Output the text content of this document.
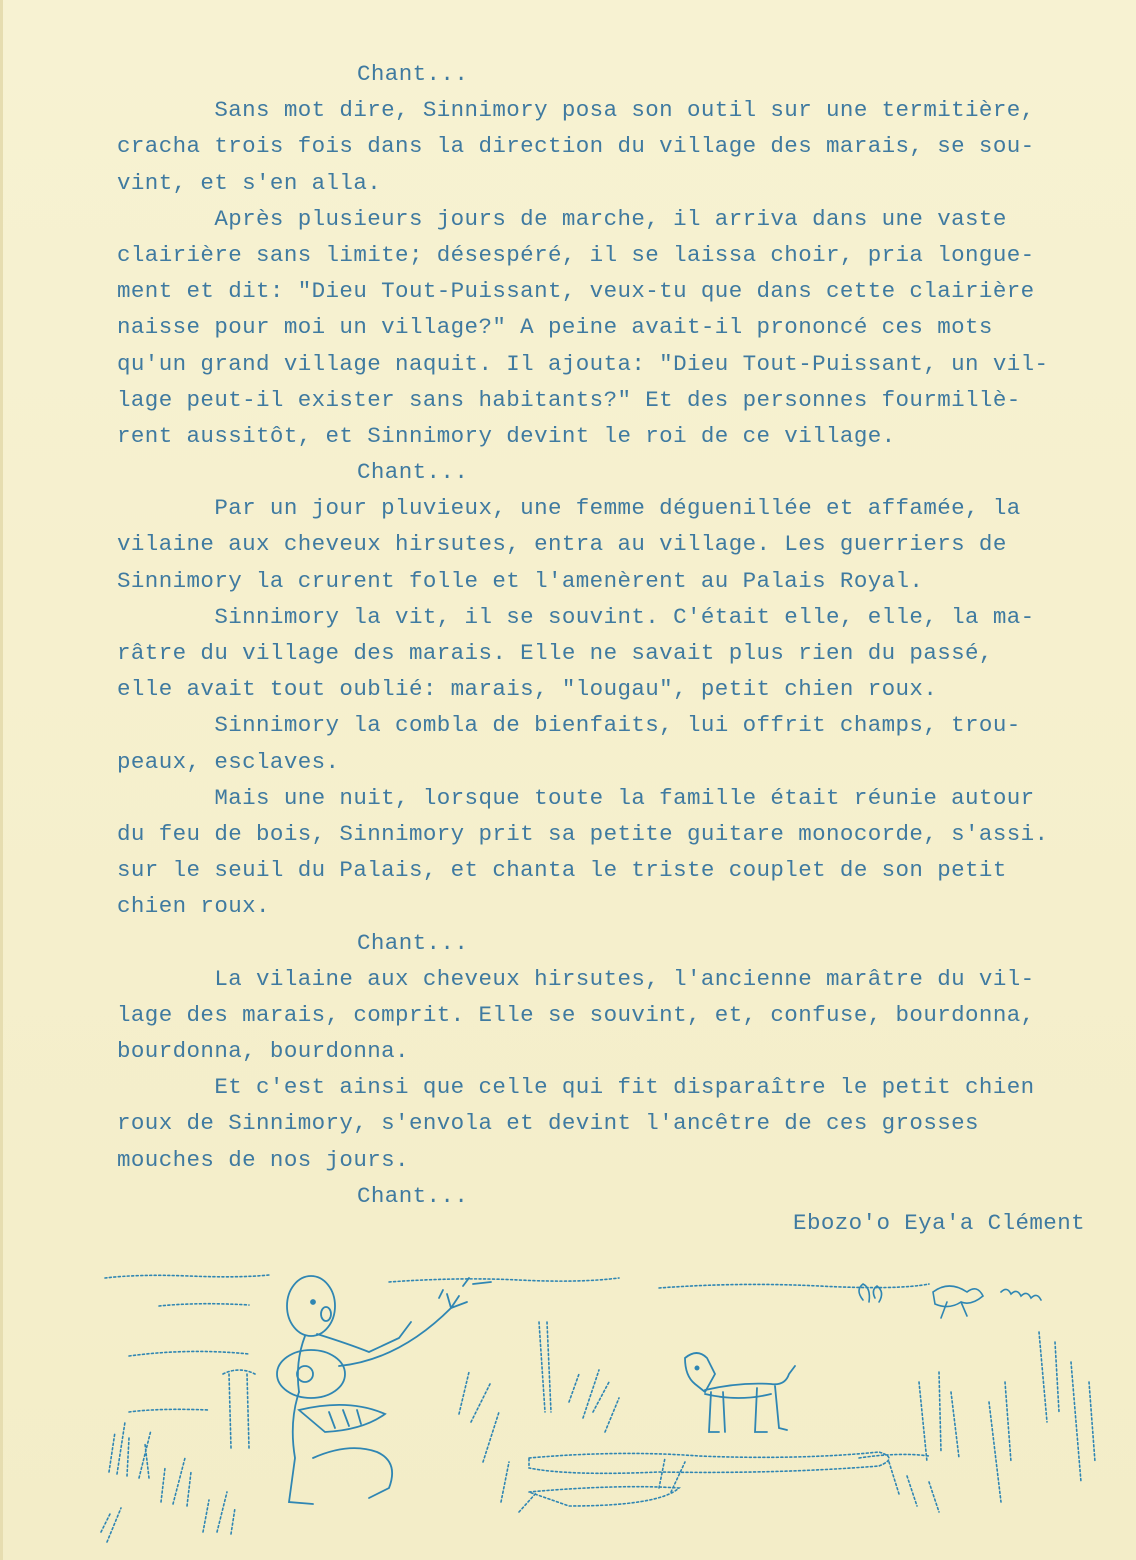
Chant...
Sans mot dire, Sinnimory posa son outil sur une termitière,
cracha trois fois dans la direction du village des marais, se sou-
vint, et s'en alla.
Après plusieurs jours de marche, il arriva dans une vaste
clairière sans limite; désespéré, il se laissa choir, pria longue-
ment et dit: "Dieu Tout-Puissant, veux-tu que dans cette clairière
naisse pour moi un village?" A peine avait-il prononcé ces mots
qu'un grand village naquit. Il ajouta: "Dieu Tout-Puissant, un vil-
lage peut-il exister sans habitants?" Et des personnes fourmillè-
rent aussitôt, et Sinnimory devint le roi de ce village.
Chant...
Par un jour pluvieux, une femme déguenillée et affamée, la
vilaine aux cheveux hirsutes, entra au village. Les guerriers de
Sinnimory la crurent folle et l'amenèrent au Palais Royal.
Sinnimory la vit, il se souvint. C'était elle, elle, la ma-
râtre du village des marais. Elle ne savait plus rien du passé,
elle avait tout oublié: marais, "lougau", petit chien roux.
Sinnimory la combla de bienfaits, lui offrit champs, trou-
peaux, esclaves.
Mais une nuit, lorsque toute la famille était réunie autour
du feu de bois, Sinnimory prit sa petite guitare monocorde, s'assi.
sur le seuil du Palais, et chanta le triste couplet de son petit
chien roux.
Chant...
La vilaine aux cheveux hirsutes, l'ancienne marâtre du vil-
lage des marais, comprit. Elle se souvint, et, confuse, bourdonna,
bourdonna, bourdonna.
Et c'est ainsi que celle qui fit disparaître le petit chien
roux de Sinnimory, s'envola et devint l'ancêtre de ces grosses
mouches de nos jours.
Chant...
Ebozo'o Eya'a Clément
